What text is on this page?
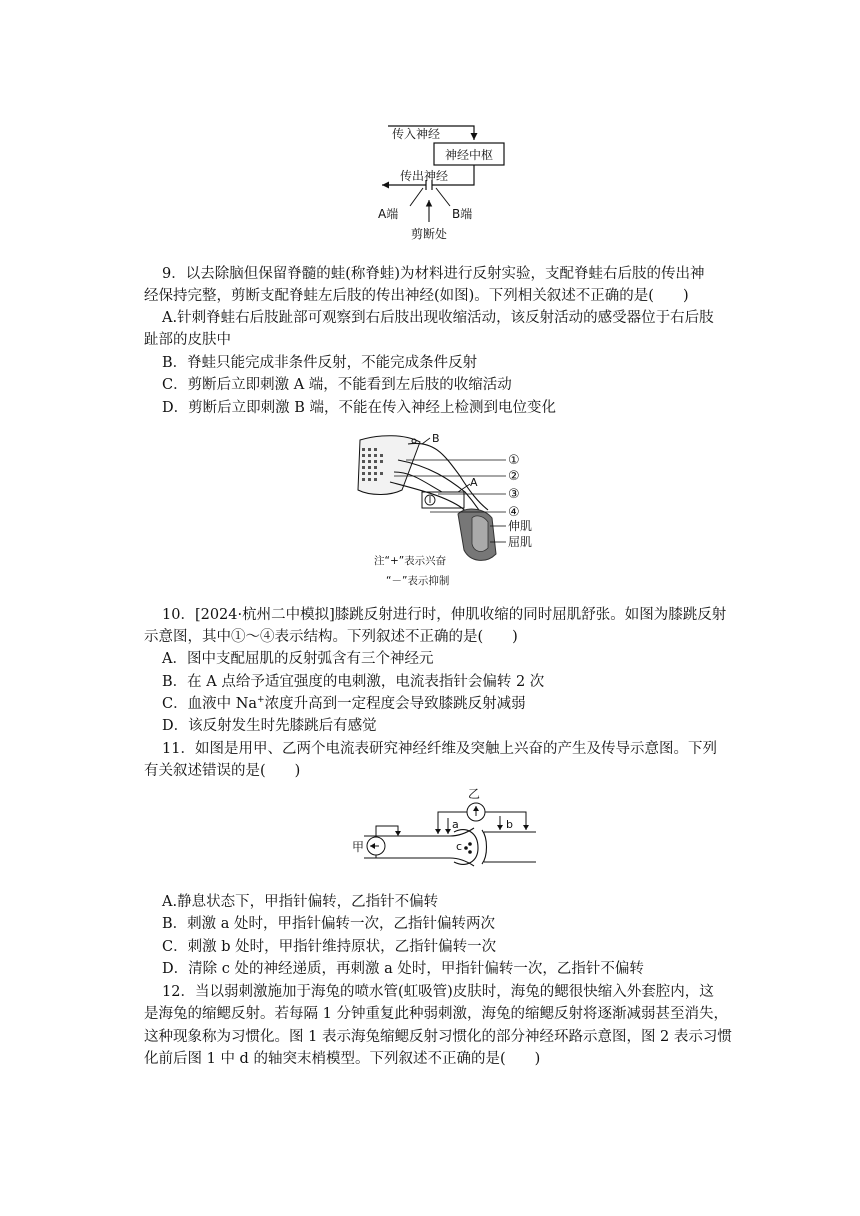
传入神经
神经中枢
传出神经
A端	B端
剪断处
9．以去除脑但保留脊髓的蛙(称脊蛙)为材料进行反射实验，支配脊蛙右后肢的传出神
经保持完整，剪断支配脊蛙左后肢的传出神经(如图)。下列相关叙述不正确的是(　　)
A.针刺脊蛙右后肢趾部可观察到右后肢出现收缩活动，该反射活动的感受器位于右后肢
趾部的皮肤中
B．脊蛙只能完成非条件反射，不能完成条件反射
C．剪断后立即刺激 A 端，不能看到左后肢的收缩活动
D．剪断后立即刺激 B 端，不能在传入神经上检测到电位变化
B
A
①
②
③
④
伸肌
屈肌
注“+”表示兴奋
“－”表示抑制
10．[2024·杭州二中模拟]膝跳反射进行时，伸肌收缩的同时屈肌舒张。如图为膝跳反射
示意图，其中①～④表示结构。下列叙述不正确的是(　　)
A．图中支配屈肌的反射弧含有三个神经元
B．在 A 点给予适宜强度的电刺激，电流表指针会偏转 2 次
C．血液中 Na+浓度升高到一定程度会导致膝跳反射减弱
D．该反射发生时先膝跳后有感觉
11．如图是用甲、乙两个电流表研究神经纤维及突触上兴奋的产生及传导示意图。下列
有关叙述错误的是(　　)
c
甲
乙
a	b
A.静息状态下，甲指针偏转，乙指针不偏转
B．刺激 a 处时，甲指针偏转一次，乙指针偏转两次
C．刺激 b 处时，甲指针维持原状，乙指针偏转一次
D．清除 c 处的神经递质，再刺激 a 处时，甲指针偏转一次，乙指针不偏转
12．当以弱刺激施加于海兔的喷水管(虹吸管)皮肤时，海兔的鳃很快缩入外套腔内，这
是海兔的缩鳃反射。若每隔 1 分钟重复此种弱刺激，海兔的缩鳃反射将逐渐减弱甚至消失，
这种现象称为习惯化。图 1 表示海兔缩鳃反射习惯化的部分神经环路示意图，图 2 表示习惯
化前后图 1 中 d 的轴突末梢模型。下列叙述不正确的是(　　)
